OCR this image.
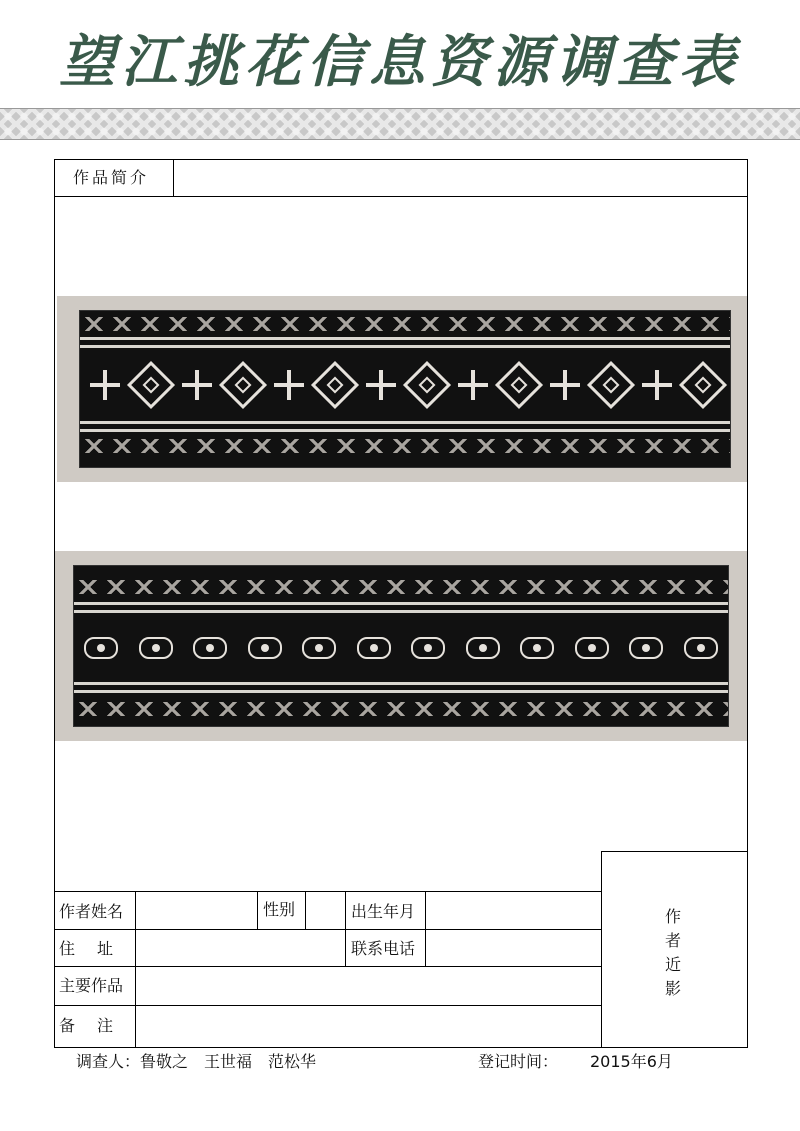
望江挑花信息资源调查表
作品简介
作者姓名	性别	出生年月
住　址	联系电话
主要作品
备　注
作
者
近
影
调查人： 鲁敬之　王世福　范松华	登记时间： 2015年6月
